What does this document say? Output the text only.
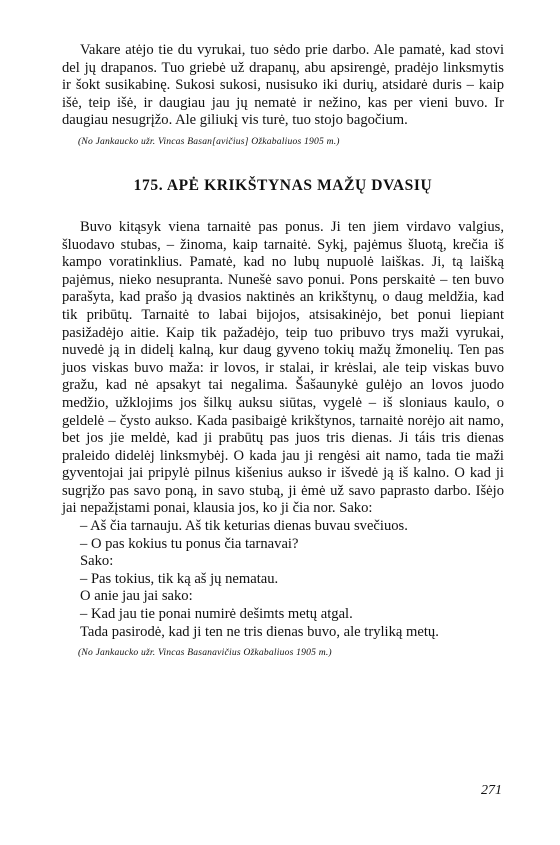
Vakare atėjo tie du vyrukai, tuo sėdo prie darbo. Ale pamatė, kad stovi del jų drapanos. Tuo griebė už drapanų, abu apsirengė, pradėjo linksmytis ir šokt susikabinę. Sukosi sukosi, nusisuko iki durių, atsidarė duris – kaip išė, teip išė, ir daugiau jau jų nematė ir nežino, kas per vieni buvo. Ir daugiau nesugrįžo. Ale giliukį vis turė, tuo stojo bagočium.

(No Jankaucko užr. Vincas Basan[avičius] Ožkabaliuos 1905 m.)

175. APĖ KRIKŠTYNAS MAŽŲ DVASIŲ

Buvo kitąsyk viena tarnaitė pas ponus. Ji ten jiem virdavo valgius, šluodavo stubas, – žinoma, kaip tarnaitė. Sykį, pajėmus šluotą, krečia iš kampo voratinklius. Pamatė, kad no lubų nupuolė laiškas. Ji, tą laišką pajėmus, nieko nesupranta. Nunešė savo ponui. Pons perskaitė – ten buvo parašyta, kad prašo ją dvasios naktinės an krikštynų, o daug meldžia, kad tik pribūtų. Tarnaitė to labai bijojos, atsisakinėjo, bet ponui liepiant pasižadėjo aitie. Kaip tik pažadėjo, teip tuo pribuvo trys maži vyrukai, nuvedė ją in didelį kalną, kur daug gyveno tokių mažų žmonelių. Ten pas juos viskas buvo maža: ir lovos, ir stalai, ir krėslai, ale teip viskas buvo gražu, kad nė apsakyt tai negalima. Šašaunykė gulėjo an lovos juodo medžio, užklojims jos šilkų auksu siūtas, vygelė – iš sloniaus kaulo, o geldelė – čysto aukso. Kada pasibaigė krikštynos, tarnaitė norėjo ait namo, bet jos jie meldė, kad ji prabūtų pas juos tris dienas. Ji táis tris dienas praleido didelėj linksmybėj. O kada jau ji rengėsi ait namo, tada tie maži gyventojai jai pripylė pilnus kišenius aukso ir išvedė ją iš kalno. O kad ji sugrįžo pas savo poną, in savo stubą, ji ėmė už savo paprasto darbo. Išėjo jai nepažįstami ponai, klausia jos, ko ji čia nor. Sako:

– Aš čia tarnauju. Aš tik keturias dienas buvau svečiuos.
– O pas kokius tu ponus čia tarnavai?
Sako:
– Pas tokius, tik ką aš jų nematau.
O anie jau jai sako:
– Kad jau tie ponai numirė dešimts metų atgal.
Tada pasirodė, kad ji ten ne tris dienas buvo, ale tryliką metų.

(No Jankaucko užr. Vincas Basanavičius Ožkabaliuos 1905 m.)

271
